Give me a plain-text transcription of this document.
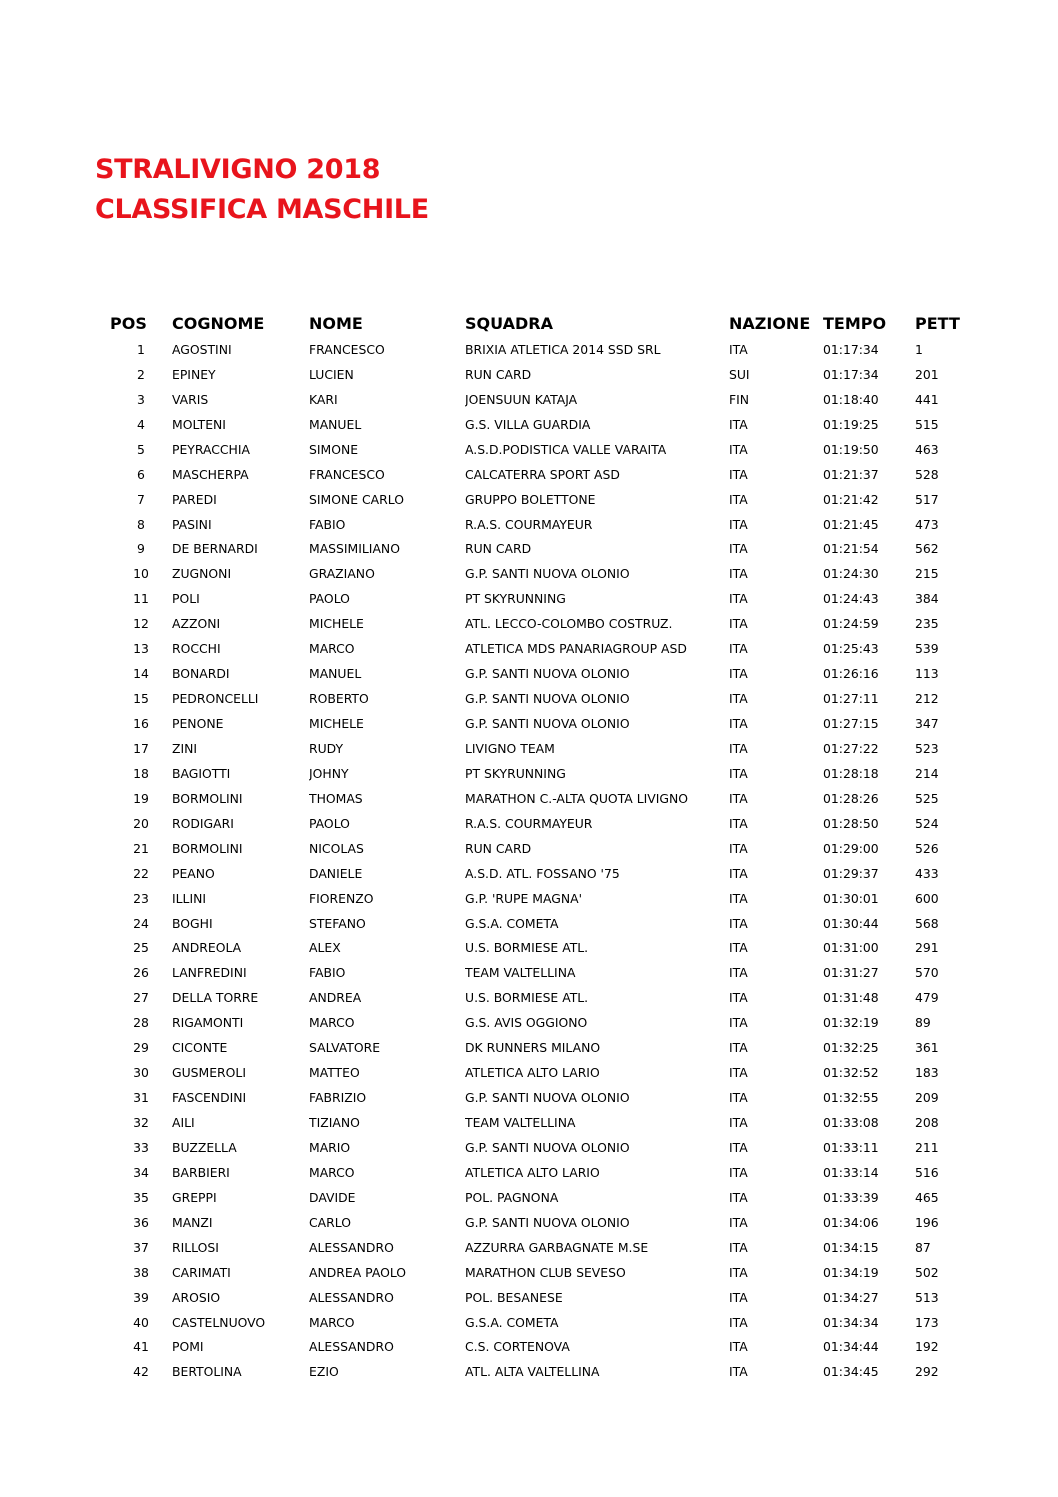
STRALIVIGNO 2018
CLASSIFICA MASCHILE
POS	COGNOME	NOME	SQUADRA	NAZIONE	TEMPO	PETT
1	AGOSTINI	FRANCESCO	BRIXIA ATLETICA 2014 SSD SRL	ITA	01:17:34	1
2	EPINEY	LUCIEN	RUN CARD	SUI	01:17:34	201
3	VARIS	KARI	JOENSUUN KATAJA	FIN	01:18:40	441
4	MOLTENI	MANUEL	G.S. VILLA GUARDIA	ITA	01:19:25	515
5	PEYRACCHIA	SIMONE	A.S.D.PODISTICA VALLE VARAITA	ITA	01:19:50	463
6	MASCHERPA	FRANCESCO	CALCATERRA SPORT ASD	ITA	01:21:37	528
7	PAREDI	SIMONE CARLO	GRUPPO BOLETTONE	ITA	01:21:42	517
8	PASINI	FABIO	R.A.S. COURMAYEUR	ITA	01:21:45	473
9	DE BERNARDI	MASSIMILIANO	RUN CARD	ITA	01:21:54	562
10	ZUGNONI	GRAZIANO	G.P. SANTI NUOVA OLONIO	ITA	01:24:30	215
11	POLI	PAOLO	PT SKYRUNNING	ITA	01:24:43	384
12	AZZONI	MICHELE	ATL. LECCO-COLOMBO COSTRUZ.	ITA	01:24:59	235
13	ROCCHI	MARCO	ATLETICA MDS PANARIAGROUP ASD	ITA	01:25:43	539
14	BONARDI	MANUEL	G.P. SANTI NUOVA OLONIO	ITA	01:26:16	113
15	PEDRONCELLI	ROBERTO	G.P. SANTI NUOVA OLONIO	ITA	01:27:11	212
16	PENONE	MICHELE	G.P. SANTI NUOVA OLONIO	ITA	01:27:15	347
17	ZINI	RUDY	LIVIGNO TEAM	ITA	01:27:22	523
18	BAGIOTTI	JOHNY	PT SKYRUNNING	ITA	01:28:18	214
19	BORMOLINI	THOMAS	MARATHON C.-ALTA QUOTA LIVIGNO	ITA	01:28:26	525
20	RODIGARI	PAOLO	R.A.S. COURMAYEUR	ITA	01:28:50	524
21	BORMOLINI	NICOLAS	RUN CARD	ITA	01:29:00	526
22	PEANO	DANIELE	A.S.D. ATL. FOSSANO '75	ITA	01:29:37	433
23	ILLINI	FIORENZO	G.P. 'RUPE MAGNA'	ITA	01:30:01	600
24	BOGHI	STEFANO	G.S.A. COMETA	ITA	01:30:44	568
25	ANDREOLA	ALEX	U.S. BORMIESE ATL.	ITA	01:31:00	291
26	LANFREDINI	FABIO	TEAM VALTELLINA	ITA	01:31:27	570
27	DELLA TORRE	ANDREA	U.S. BORMIESE ATL.	ITA	01:31:48	479
28	RIGAMONTI	MARCO	G.S. AVIS OGGIONO	ITA	01:32:19	89
29	CICONTE	SALVATORE	DK RUNNERS MILANO	ITA	01:32:25	361
30	GUSMEROLI	MATTEO	ATLETICA ALTO LARIO	ITA	01:32:52	183
31	FASCENDINI	FABRIZIO	G.P. SANTI NUOVA OLONIO	ITA	01:32:55	209
32	AILI	TIZIANO	TEAM VALTELLINA	ITA	01:33:08	208
33	BUZZELLA	MARIO	G.P. SANTI NUOVA OLONIO	ITA	01:33:11	211
34	BARBIERI	MARCO	ATLETICA ALTO LARIO	ITA	01:33:14	516
35	GREPPI	DAVIDE	POL. PAGNONA	ITA	01:33:39	465
36	MANZI	CARLO	G.P. SANTI NUOVA OLONIO	ITA	01:34:06	196
37	RILLOSI	ALESSANDRO	AZZURRA GARBAGNATE M.SE	ITA	01:34:15	87
38	CARIMATI	ANDREA PAOLO	MARATHON CLUB SEVESO	ITA	01:34:19	502
39	AROSIO	ALESSANDRO	POL. BESANESE	ITA	01:34:27	513
40	CASTELNUOVO	MARCO	G.S.A. COMETA	ITA	01:34:34	173
41	POMI	ALESSANDRO	C.S. CORTENOVA	ITA	01:34:44	192
42	BERTOLINA	EZIO	ATL. ALTA VALTELLINA	ITA	01:34:45	292
